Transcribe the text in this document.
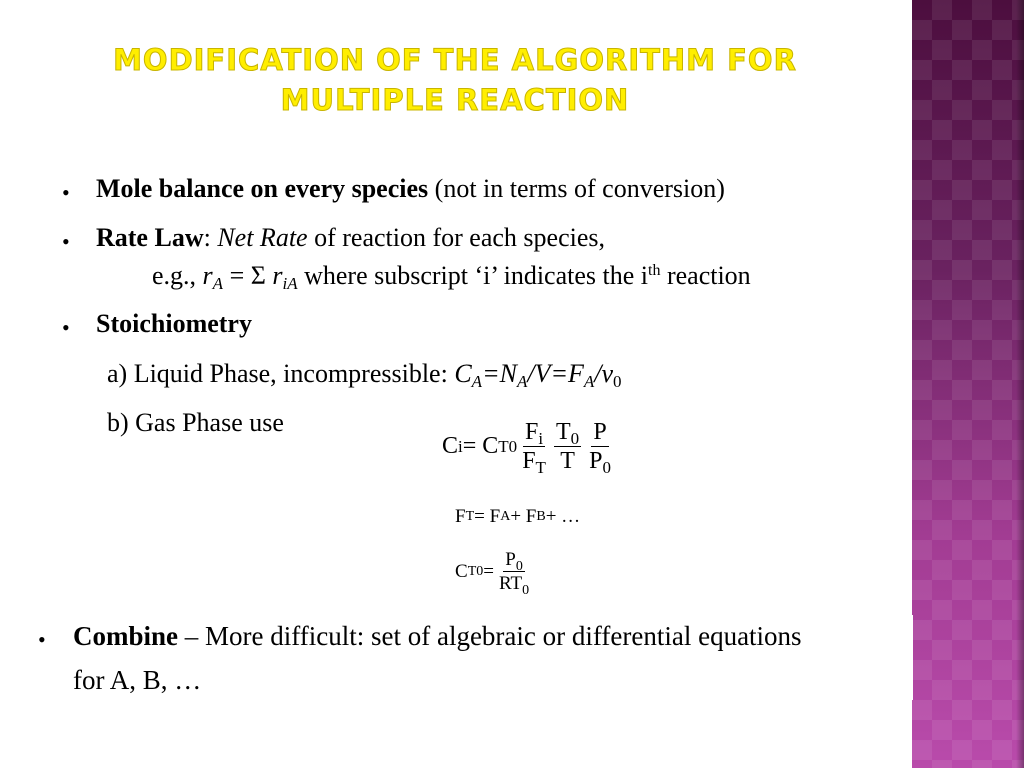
MODIFICATION OF THE ALGORITHM FOR
MULTIPLE REACTION
• Mole balance on every species (not in terms of conversion)
• Rate Law: Net Rate of reaction for each species,
e.g., $r_A = \Sigma$ $r_{iA}$ where subscript ‘i’ indicates the $i^{th}$ reaction
• Stoichiometry
a) Liquid Phase, incompressible: $C_A=N_A/V=F_A/v_0$
b) Gas Phase use
C i = C $T0 \frac{F_i}{F_T} \frac{T_0}{T} \frac{P}{P_0}$
F T = F A + F B + …
C $T0 = \frac{P_0}{RT_0}$
• Combine – More difficult: set of algebraic or differential equations
for A, B, …
